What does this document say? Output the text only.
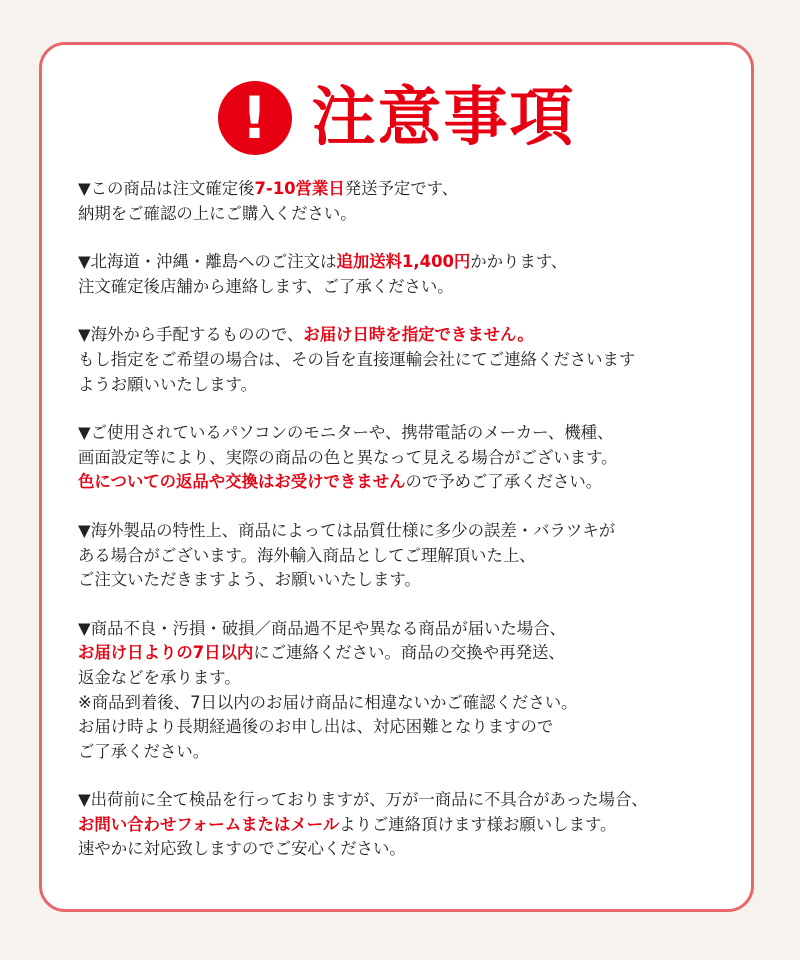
! 注意事項
▼この商品は注文確定後7-10営業日発送予定です、
納期をご確認の上にご購入ください。
▼北海道・沖縄・離島へのご注文は追加送料1,400円かかります、
注文確定後店舗から連絡します、ご了承ください。
▼海外から手配するものので、お届け日時を指定できません。
もし指定をご希望の場合は、その旨を直接運輸会社にてご連絡くださいます
ようお願いいたします。
▼ご使用されているパソコンのモニターや、携帯電話のメーカー、機種、
画面設定等により、実際の商品の色と異なって見える場合がございます。
色についての返品や交換はお受けできませんので予めご了承ください。
▼海外製品の特性上、商品によっては品質仕様に多少の誤差・バラツキが
ある場合がございます。海外輸入商品としてご理解頂いた上、
ご注文いただきますよう、お願いいたします。
▼商品不良・汚損・破損／商品過不足や異なる商品が届いた場合、
お届け日よりの7日以内にご連絡ください。商品の交換や再発送、
返金などを承ります。
※商品到着後、7日以内のお届け商品に相違ないかご確認ください。
お届け時より長期経過後のお申し出は、対応困難となりますので
ご了承ください。
▼出荷前に全て検品を行っておりますが、万が一商品に不具合があった場合、
お問い合わせフォームまたはメールよりご連絡頂けます様お願いします。
速やかに対応致しますのでご安心ください。
